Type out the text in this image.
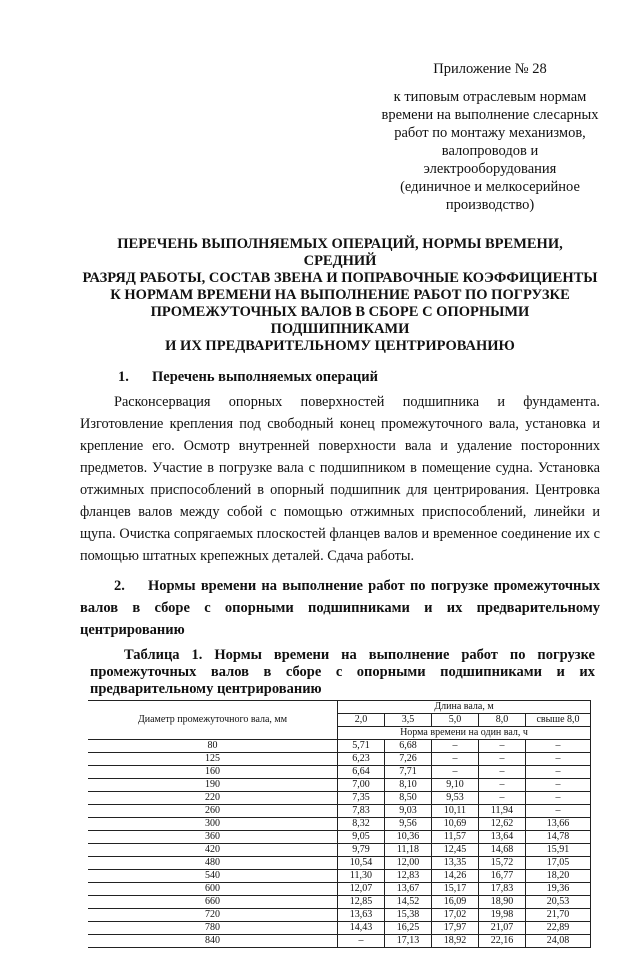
Приложение № 28
к типовым отраслевым нормам
времени на выполнение слесарных
работ по монтажу механизмов,
валопроводов и электрооборудования
(единичное и мелкосерийное
производство)
ПЕРЕЧЕНЬ ВЫПОЛНЯЕМЫХ ОПЕРАЦИЙ, НОРМЫ ВРЕМЕНИ, СРЕДНИЙ
РАЗРЯД РАБОТЫ, СОСТАВ ЗВЕНА И ПОПРАВОЧНЫЕ КОЭФФИЦИЕНТЫ
К НОРМАМ ВРЕМЕНИ НА ВЫПОЛНЕНИЕ РАБОТ ПО ПОГРУЗКЕ
ПРОМЕЖУТОЧНЫХ ВАЛОВ В СБОРЕ С ОПОРНЫМИ ПОДШИПНИКАМИ
И ИХ ПРЕДВАРИТЕЛЬНОМУ ЦЕНТРИРОВАНИЮ
1. Перечень выполняемых операций
Расконсервация опорных поверхностей подшипника и фундамента. Изготовление крепления под свободный конец промежуточного вала, установка и крепление его. Осмотр внутренней поверхности вала и удаление посторонних предметов. Участие в погрузке вала с подшипником в помещение судна. Установка отжимных приспособлений в опорный подшипник для центрирования. Центровка фланцев валов между собой с помощью отжимных приспособлений, линейки и щупа. Очистка сопрягаемых плоскостей фланцев валов и временное соединение их с помощью штатных крепежных деталей. Сдача работы.
2. Нормы времени на выполнение работ по погрузке промежуточных валов в сборе с опорными подшипниками и их предварительному центрированию
Таблица 1. Нормы времени на выполнение работ по погрузке промежуточных валов в сборе с опорными подшипниками и их предварительному центрированию
Диаметр промежуточного вала, мм	Длина вала, м				
	2,0	3,5	5,0	8,0	свыше 8,0
	Норма времени на один вал, ч				
80	5,71	6,68	–	–	–
125	6,23	7,26	–	–	–
160	6,64	7,71	–	–	–
190	7,00	8,10	9,10	–	–
220	7,35	8,50	9,53	–	–
260	7,83	9,03	10,11	11,94	–
300	8,32	9,56	10,69	12,62	13,66
360	9,05	10,36	11,57	13,64	14,78
420	9,79	11,18	12,45	14,68	15,91
480	10,54	12,00	13,35	15,72	17,05
540	11,30	12,83	14,26	16,77	18,20
600	12,07	13,67	15,17	17,83	19,36
660	12,85	14,52	16,09	18,90	20,53
720	13,63	15,38	17,02	19,98	21,70
780	14,43	16,25	17,97	21,07	22,89
840	–	17,13	18,92	22,16	24,08
